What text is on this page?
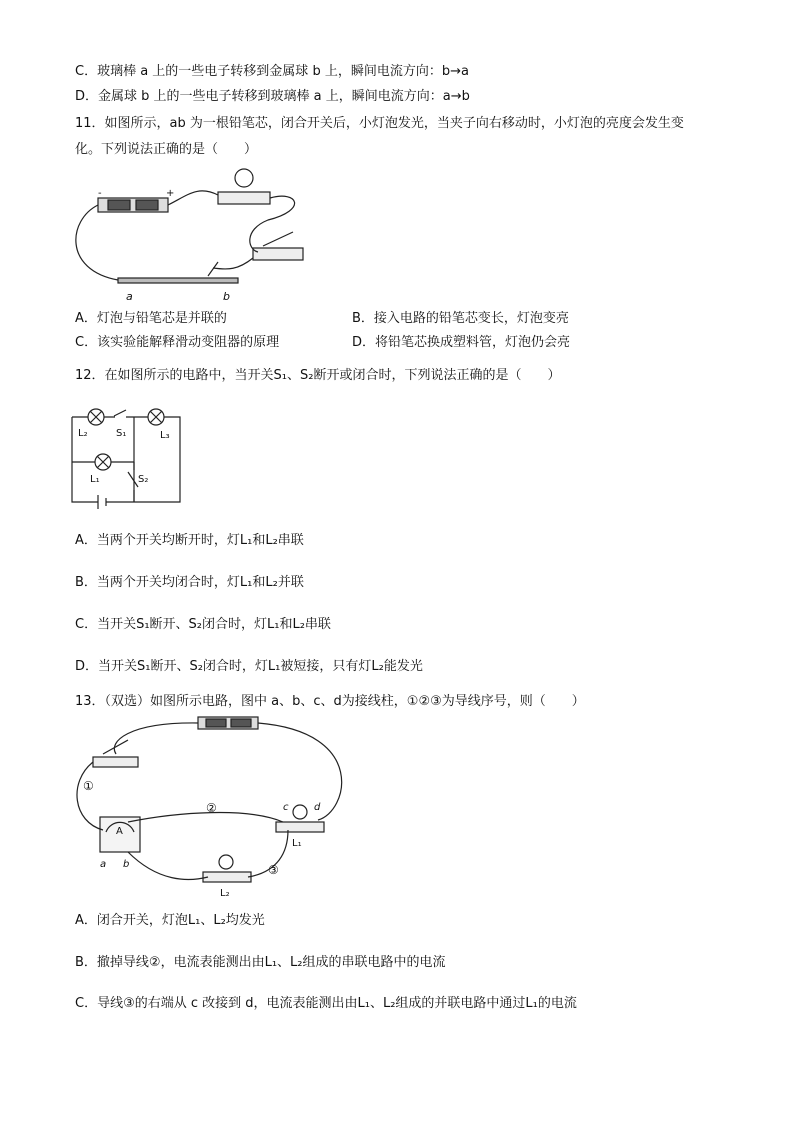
C．玻璃棒 a 上的一些电子转移到金属球 b 上，瞬间电流方向：b→a
D．金属球 b 上的一些电子转移到玻璃棒 a 上，瞬间电流方向：a→b
11．如图所示，ab 为一根铅笔芯，闭合开关后，小灯泡发光，当夹子向右移动时，小灯泡的亮度会发生变
化。下列说法正确的是（　　）
a	b
-	+
A．灯泡与铅笔芯是并联的	B．接入电路的铅笔芯变长，灯泡变亮
C．该实验能解释滑动变阻器的原理	D．将铅笔芯换成塑料管，灯泡仍会亮
12．在如图所示的电路中，当开关S₁、S₂断开或闭合时，下列说法正确的是（　　）
L₂	S₁	L₃
L₁	S₂
A．当两个开关均断开时，灯L₁和L₂串联
B．当两个开关均闭合时，灯L₁和L₂并联
C．当开关S₁断开、S₂闭合时，灯L₁和L₂串联
D．当开关S₁断开、S₂闭合时，灯L₁被短接，只有灯L₂能发光
13．（双选）如图所示电路，图中 a、b、c、d为接线柱，①②③为导线序号，则（　　）
①
②
③
A
a b
c	d
L₁
L₂
A．闭合开关，灯泡L₁、L₂均发光
B．撤掉导线②，电流表能测出由L₁、L₂组成的串联电路中的电流
C．导线③的右端从 c 改接到 d，电流表能测出由L₁、L₂组成的并联电路中通过L₁的电流
